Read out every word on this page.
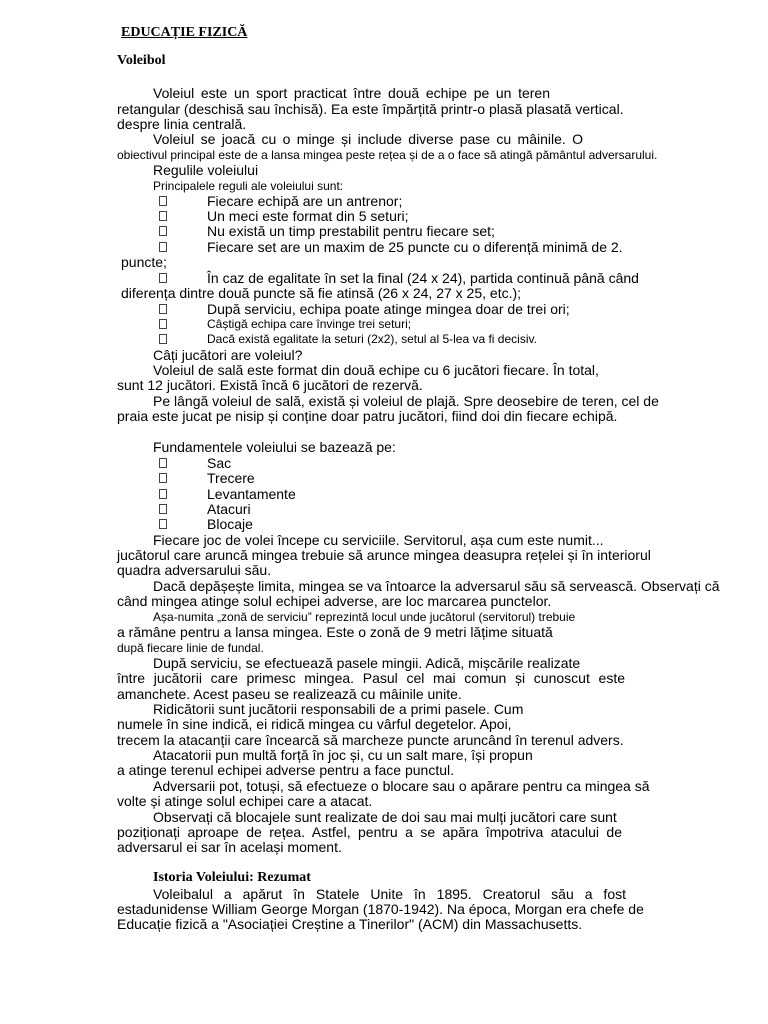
EDUCAȚIE FIZICĂ
Voleibol
Voleiul este un sport practicat între două echipe pe un teren
retangular (deschisă sau închisă). Ea este împărțită printr-o plasă plasată vertical.
despre linia centrală.
Voleiul se joacă cu o minge și include diverse pase cu mâinile. O
obiectivul principal este de a lansa mingea peste rețea și de a o face să atingă pământul adversarului.
Regulile voleiului
Principalele reguli ale voleiului sunt:
Fiecare echipă are un antrenor;
Un meci este format din 5 seturi;
Nu există un timp prestabilit pentru fiecare set;
Fiecare set are un maxim de 25 puncte cu o diferență minimă de 2.
puncte;
În caz de egalitate în set la final (24 x 24), partida continuă până când
diferența dintre două puncte să fie atinsă (26 x 24, 27 x 25, etc.);
După serviciu, echipa poate atinge mingea doar de trei ori;
Câștigă echipa care învinge trei seturi;
Dacă există egalitate la seturi (2x2), setul al 5-lea va fi decisiv.
Câți jucători are voleiul?
Voleiul de sală este format din două echipe cu 6 jucători fiecare. În total,
sunt 12 jucători. Există încă 6 jucători de rezervă.
Pe lângă voleiul de sală, există și voleiul de plajă. Spre deosebire de teren, cel de
praia este jucat pe nisip și conține doar patru jucători, fiind doi din fiecare echipă.
Fundamentele voleiului se bazează pe:
Sac
Trecere
Levantamente
Atacuri
Blocaje
Fiecare joc de volei începe cu serviciile. Servitorul, așa cum este numit...
jucătorul care aruncă mingea trebuie să arunce mingea deasupra rețelei și în interiorul
quadra adversarului său.
Dacă depășește limita, mingea se va întoarce la adversarul său să servească. Observați că
când mingea atinge solul echipei adverse, are loc marcarea punctelor.
Așa-numita „zonă de serviciu” reprezintă locul unde jucătorul (servitorul) trebuie
a rămâne pentru a lansa mingea. Este o zonă de 9 metri lățime situată
după fiecare linie de fundal.
După serviciu, se efectuează pasele mingii. Adică, mișcările realizate
între jucătorii care primesc mingea. Pasul cel mai comun și cunoscut este
amanchete. Acest paseu se realizează cu mâinile unite.
Ridicătorii sunt jucătorii responsabili de a primi pasele. Cum
numele în sine indică, ei ridică mingea cu vârful degetelor. Apoi,
trecem la atacanții care încearcă să marcheze puncte aruncând în terenul advers.
Atacatorii pun multă forță în joc și, cu un salt mare, își propun
a atinge terenul echipei adverse pentru a face punctul.
Adversarii pot, totuși, să efectueze o blocare sau o apărare pentru ca mingea să
volte și atinge solul echipei care a atacat.
Observați că blocajele sunt realizate de doi sau mai mulți jucători care sunt
poziționați aproape de rețea. Astfel, pentru a se apăra împotriva atacului de
adversarul ei sar în același moment.
Istoria Voleiului: Rezumat
Voleibalul a apărut în Statele Unite în 1895. Creatorul său a fost
estadunidense William George Morgan (1870-1942). Na época, Morgan era chefe de
Educație fizică a "Asociației Creștine a Tinerilor" (ACM) din Massachusetts.
